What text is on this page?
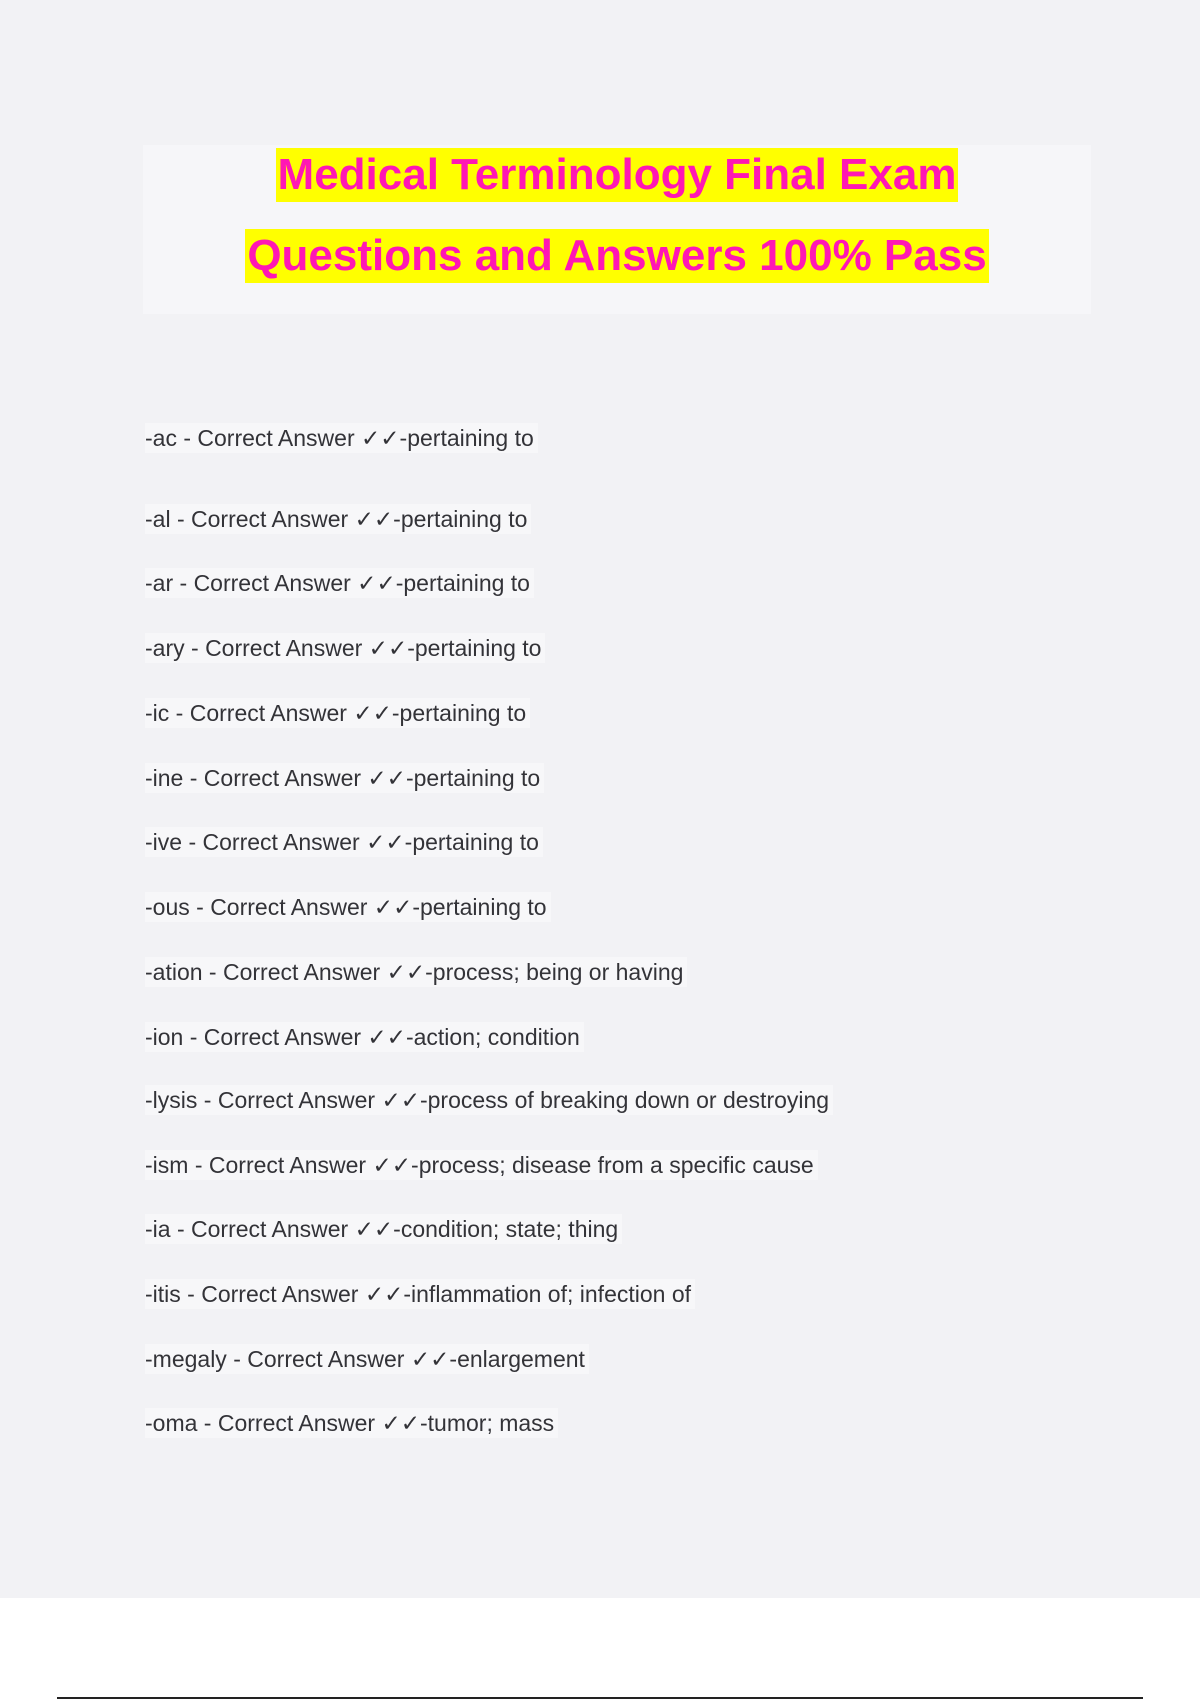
Medical Terminology Final Exam
Questions and Answers 100% Pass
-ac - Correct Answer ✓✓-pertaining to
-al - Correct Answer ✓✓-pertaining to
-ar - Correct Answer ✓✓-pertaining to
-ary - Correct Answer ✓✓-pertaining to
-ic - Correct Answer ✓✓-pertaining to
-ine - Correct Answer ✓✓-pertaining to
-ive - Correct Answer ✓✓-pertaining to
-ous - Correct Answer ✓✓-pertaining to
-ation - Correct Answer ✓✓-process; being or having
-ion - Correct Answer ✓✓-action; condition
-lysis - Correct Answer ✓✓-process of breaking down or destroying
-ism - Correct Answer ✓✓-process; disease from a specific cause
-ia - Correct Answer ✓✓-condition; state; thing
-itis - Correct Answer ✓✓-inflammation of; infection of
-megaly - Correct Answer ✓✓-enlargement
-oma - Correct Answer ✓✓-tumor; mass
